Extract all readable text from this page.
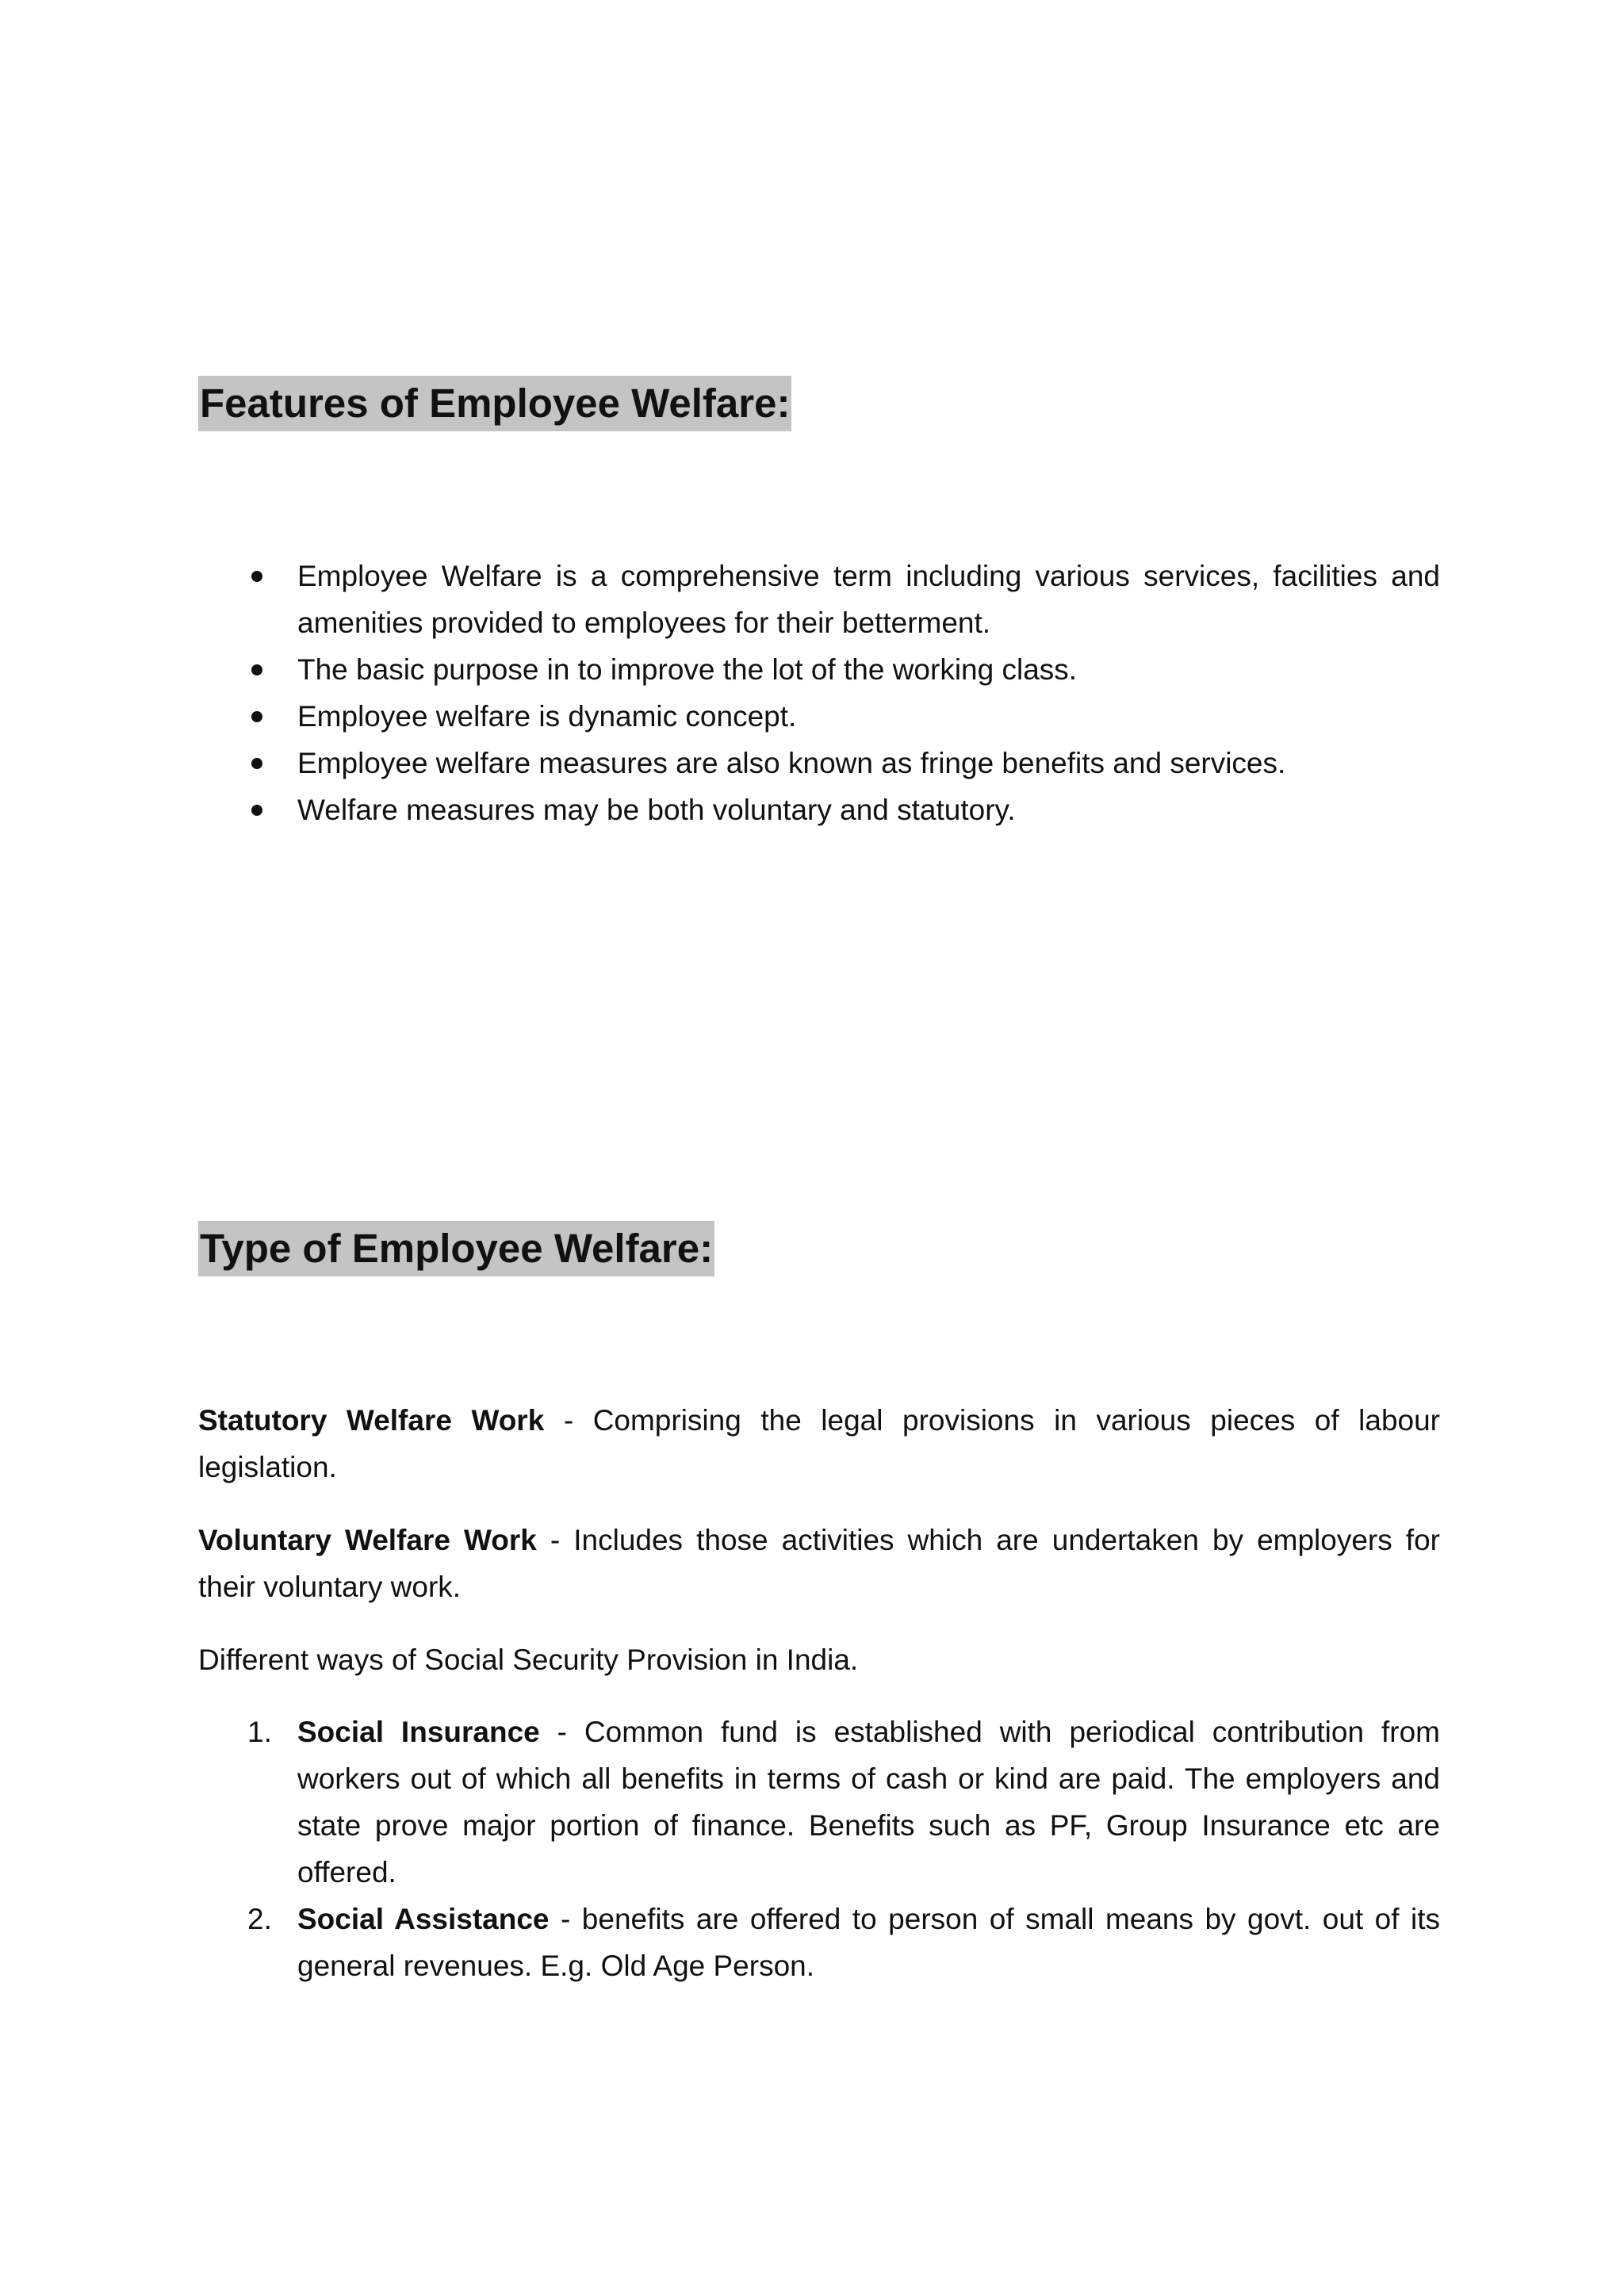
Features of Employee Welfare:
Employee Welfare is a comprehensive term including various services, facilities and amenities provided to employees for their betterment.
The basic purpose in to improve the lot of the working class.
Employee welfare is dynamic concept.
Employee welfare measures are also known as fringe benefits and services.
Welfare measures may be both voluntary and statutory.
Type of Employee Welfare:

Statutory Welfare Work - Comprising the legal provisions in various pieces of labour legislation.

Voluntary Welfare Work - Includes those activities which are undertaken by employers for their voluntary work.

Different ways of Social Security Provision in India.

1. Social Insurance - Common fund is established with periodical contribution from workers out of which all benefits in terms of cash or kind are paid. The employers and state prove major portion of finance. Benefits such as PF, Group Insurance etc are offered.
2. Social Assistance - benefits are offered to person of small means by govt. out of its general revenues. E.g. Old Age Person.
